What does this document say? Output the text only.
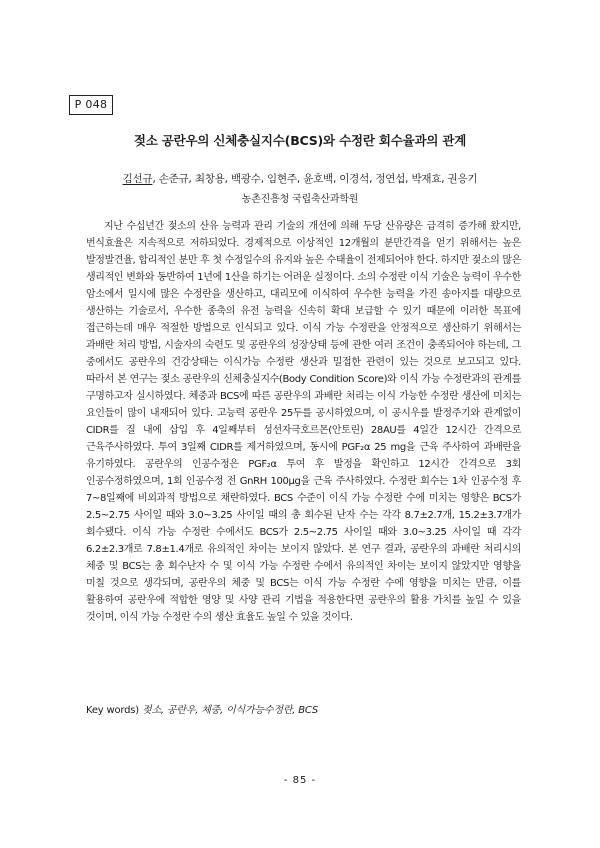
P 048
젖소 공란우의 신체충실지수(BCS)와 수정란 회수율과의 관계
김선규, 손준규, 최창용, 백광수, 임현주, 윤호백, 이경석, 정연섭, 박재효, 권응기
농촌진흥청 국립축산과학원

지난 수십년간 젖소의 산유 능력과 관리 기술의 개선에 의해 두당 산유량은 급격히 증가해 왔지만, 번식효율은 지속적으로 저하되었다. 경제적으로 이상적인 12개월의 분만간격을 얻기 위해서는 높은 발정발견율, 합리적인 분만 후 첫 수정일수의 유지와 높은 수태율이 전제되어야 한다. 하지만 젖소의 많은 생리적인 변화와 동반하여 1년에 1산을 하기는 어려운 실정이다. 소의 수정란 이식 기술은 능력이 우수한 암소에서 일시에 많은 수정란을 생산하고, 대리모에 이식하여 우수한 능력을 가진 송아지를 대량으로 생산하는 기술로서, 우수한 종축의 유전 능력을 신속히 확대 보급할 수 있기 때문에 이러한 목표에 접근하는데 매우 적절한 방법으로 인식되고 있다. 이식 가능 수정란을 안정적으로 생산하기 위해서는 과배란 처리 방법, 시술자의 숙련도 및 공란우의 성장상태 등에 관한 여러 조건이 충족되어야 하는데, 그 중에서도 공란우의 건강상태는 이식가능 수정란 생산과 밀접한 관련이 있는 것으로 보고되고 있다. 따라서 본 연구는 젖소 공란우의 신체충실지수(Body Condition Score)와 이식 가능 수정란과의 관계를 구명하고자 실시하였다. 체중과 BCS에 따른 공란우의 과배란 처리는 이식 가능한 수정란 생산에 미치는 요인들이 많이 내재되어 있다. 고능력 공란우 25두를 공시하였으며, 이 공시우를 발정주기와 관계없이 CIDR를 질 내에 삽입 후 4일째부터 성선자극호르몬(안토린) 28AU를 4일간 12시간 간격으로 근육주사하였다. 투여 3일째 CIDR를 제거하였으며, 동시에 PGF₂α 25 mg을 근육 주사하여 과배란을 유기하였다. 공란우의 인공수정은 PGF₂α 투여 후 발정을 확인하고 12시간 간격으로 3회 인공수정하였으며, 1회 인공수정 전 GnRH 100μg을 근육 주사하였다. 수정란 회수는 1차 인공수정 후 7~8일째에 비외과적 방법으로 채란하였다. BCS 수준이 이식 가능 수정란 수에 미치는 영향은 BCS가 2.5~2.75 사이일 때와 3.0~3.25 사이일 때의 총 회수된 난자 수는 각각 8.7±2.7개, 15.2±3.7개가 회수됐다. 이식 가능 수정란 수에서도 BCS가 2.5~2.75 사이일 때와 3.0~3.25 사이일 때 각각 6.2±2.3개로 7.8±1.4개로 유의적인 차이는 보이지 않았다. 본 연구 결과, 공란우의 과배란 처리시의 체중 및 BCS는 총 회수난자 수 및 이식 가능 수정란 수에서 유의적인 차이는 보이지 않았지만 영향을 미칠 것으로 생각되며, 공란우의 체중 및 BCS는 이식 가능 수정란 수에 영향을 미치는 만큼, 이를 활용하여 공란우에 적합한 영양 및 사양 관리 기법을 적용한다면 공란우의 활용 가치를 높일 수 있을 것이며, 이식 가능 수정란 수의 생산 효율도 높일 수 있을 것이다.

Key words) 젖소, 공란우, 체중, 이식가능수정란, BCS
- 85 -
